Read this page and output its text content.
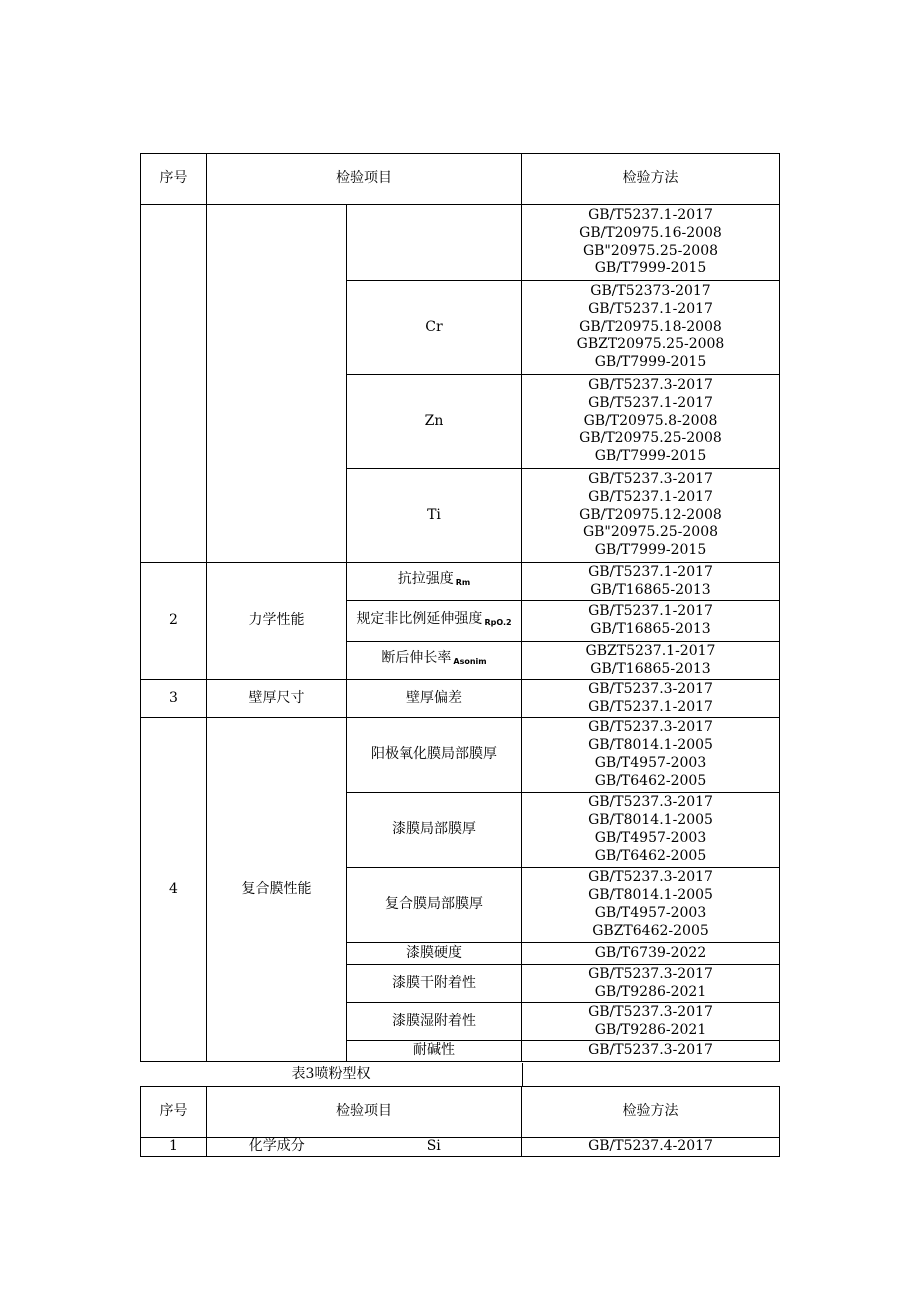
序号	检验项目		检验方法

			GB/T5237.1-2017
GB/T20975.16-2008
GB"20975.25-2008
GB/T7999-2015

		Cr	GB/T52373-2017
GB/T5237.1-2017
GB/T20975.18-2008
GBZT20975.25-2008
GB/T7999-2015

		Zn	GB/T5237.3-2017
GB/T5237.1-2017
GB/T20975.8-2008
GB/T20975.25-2008
GB/T7999-2015

		Ti	GB/T5237.3-2017
GB/T5237.1-2017
GB/T20975.12-2008
GB"20975.25-2008
GB/T7999-2015

2	力学性能	抗拉强度 $_{Rm}$	GB/T5237.1-2017
GB/T16865-2013

		规定非比例延伸强度 $_{RpO.2}$	GB/T5237.1-2017
GB/T16865-2013

		断后伸长率 $_{Asonim}$	GBZT5237.1-2017
GB/T16865-2013

3	壁厚尺寸	壁厚偏差	GB/T5237.3-2017
GB/T5237.1-2017

4	复合膜性能	阳极氧化膜局部膜厚	GB/T5237.3-2017
GB/T8014.1-2005
GB/T4957-2003
GB/T6462-2005

		漆膜局部膜厚	GB/T5237.3-2017
GB/T8014.1-2005
GB/T4957-2003
GB/T6462-2005

		复合膜局部膜厚	GB/T5237.3-2017
GB/T8014.1-2005
GB/T4957-2003
GBZT6462-2005

		漆膜硬度	GB/T6739-2022

		漆膜干附着性	GB/T5237.3-2017
GB/T9286-2021

		漆膜湿附着性	GB/T5237.3-2017
GB/T9286-2021

		耐碱性	GB/T5237.3-2017
表3喷粉型权
序号	检验项目		检验方法
1	化学成分	Si	GB/T5237.4-2017
